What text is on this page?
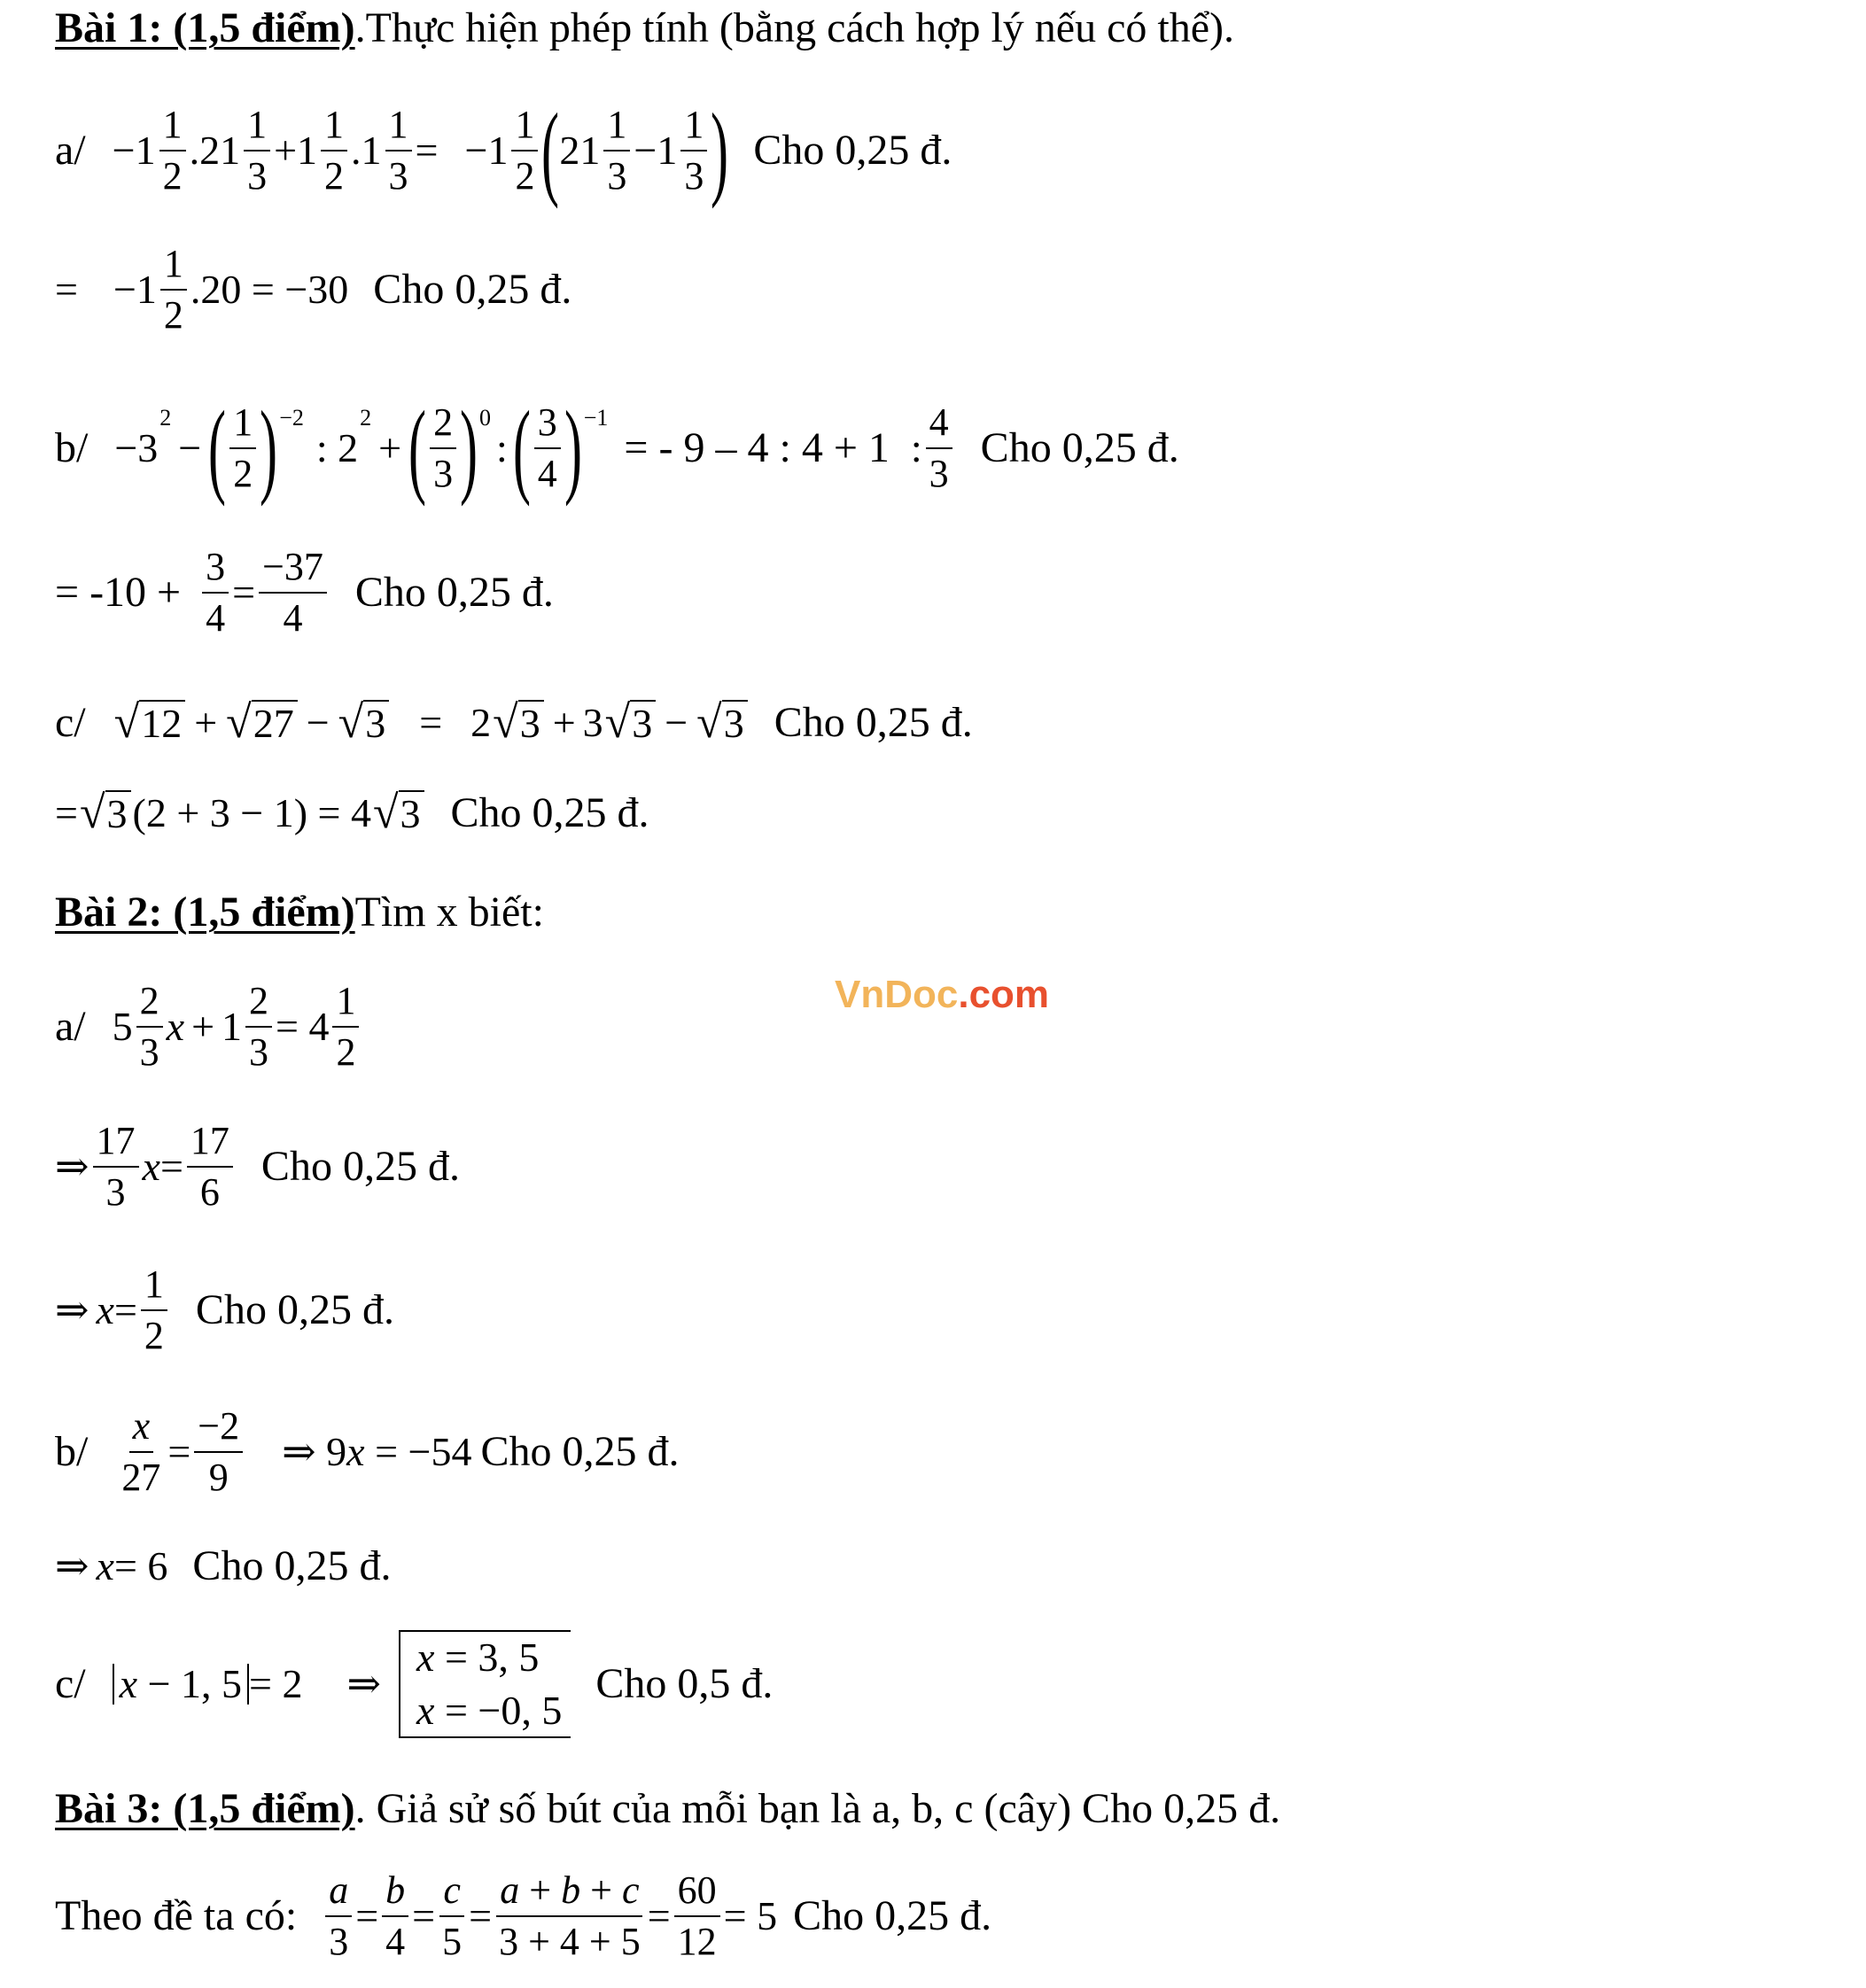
Bài 1: (1,5 điểm) .Thực hiện phép tính (bằng cách hợp lý nếu có thể).
$a/ -1 \frac{1}{2} .21 \frac{1}{3} +1 \frac{1}{2} .1 \frac{1}{3} = -1 \frac{1}{2}$ ( $21 \frac{1}{3} -1 \frac{1}{3}$ ) Cho 0,25 đ.
= $-1 \frac{1}{2} .20 = -30$ Cho 0,25 đ.
b/ −3
2
− ( $\frac{1}{2}$ ) −2
: 2
2
+ ( $\frac{2}{3}$ ) 0
: ( $\frac{3}{4}$ ) −1
= - 9 – 4 : 4 + 1 : $\frac{4}{3}$ Cho 0,25 đ.
= $-10 + \frac{3}{4} = \frac{-37}{4}$ Cho 0,25 đ.
c/ √ 12 + √ 27 − √ 3 = 2 √ 3 + 3 √ 3 − √ 3 Cho 0,25 đ.
= √ 3 (2 + 3 − 1) = 4 √ 3 Cho 0,25 đ.
Bài 2: (1,5 điểm) Tìm x biết:
VnDoc.com
a/ $5 \frac{2}{3}$ $x + 1 \frac{2}{3} = 4 \frac{1}{2}$
⇒ $\frac{17}{3}$ $x = \frac{17}{6}$ Cho 0,25 đ.
⇒ $x = \frac{1}{2}$ Cho 0,25 đ.
$b/ \frac{x}{27} = \frac{-2}{9}$ ⇒ 9x = −54 Cho 0,25 đ.
⇒ x = 6 Cho 0,25 đ.
c/ x − 1, 5 = 2 ⇒
x = 3, 5
x = −0, 5
Cho 0,5 đ.
Bài 3: (1,5 điểm) . Giả sử số bút của mỗi bạn là a, b, c (cây) Cho 0,25 đ.
Theo đề ta có: $\frac{a}{3} = \frac{b}{4} = \frac{c}{5} = \frac{a + b + c}{3 + 4 + 5} = \frac{60}{12} = 5$ Cho 0,25 đ.
